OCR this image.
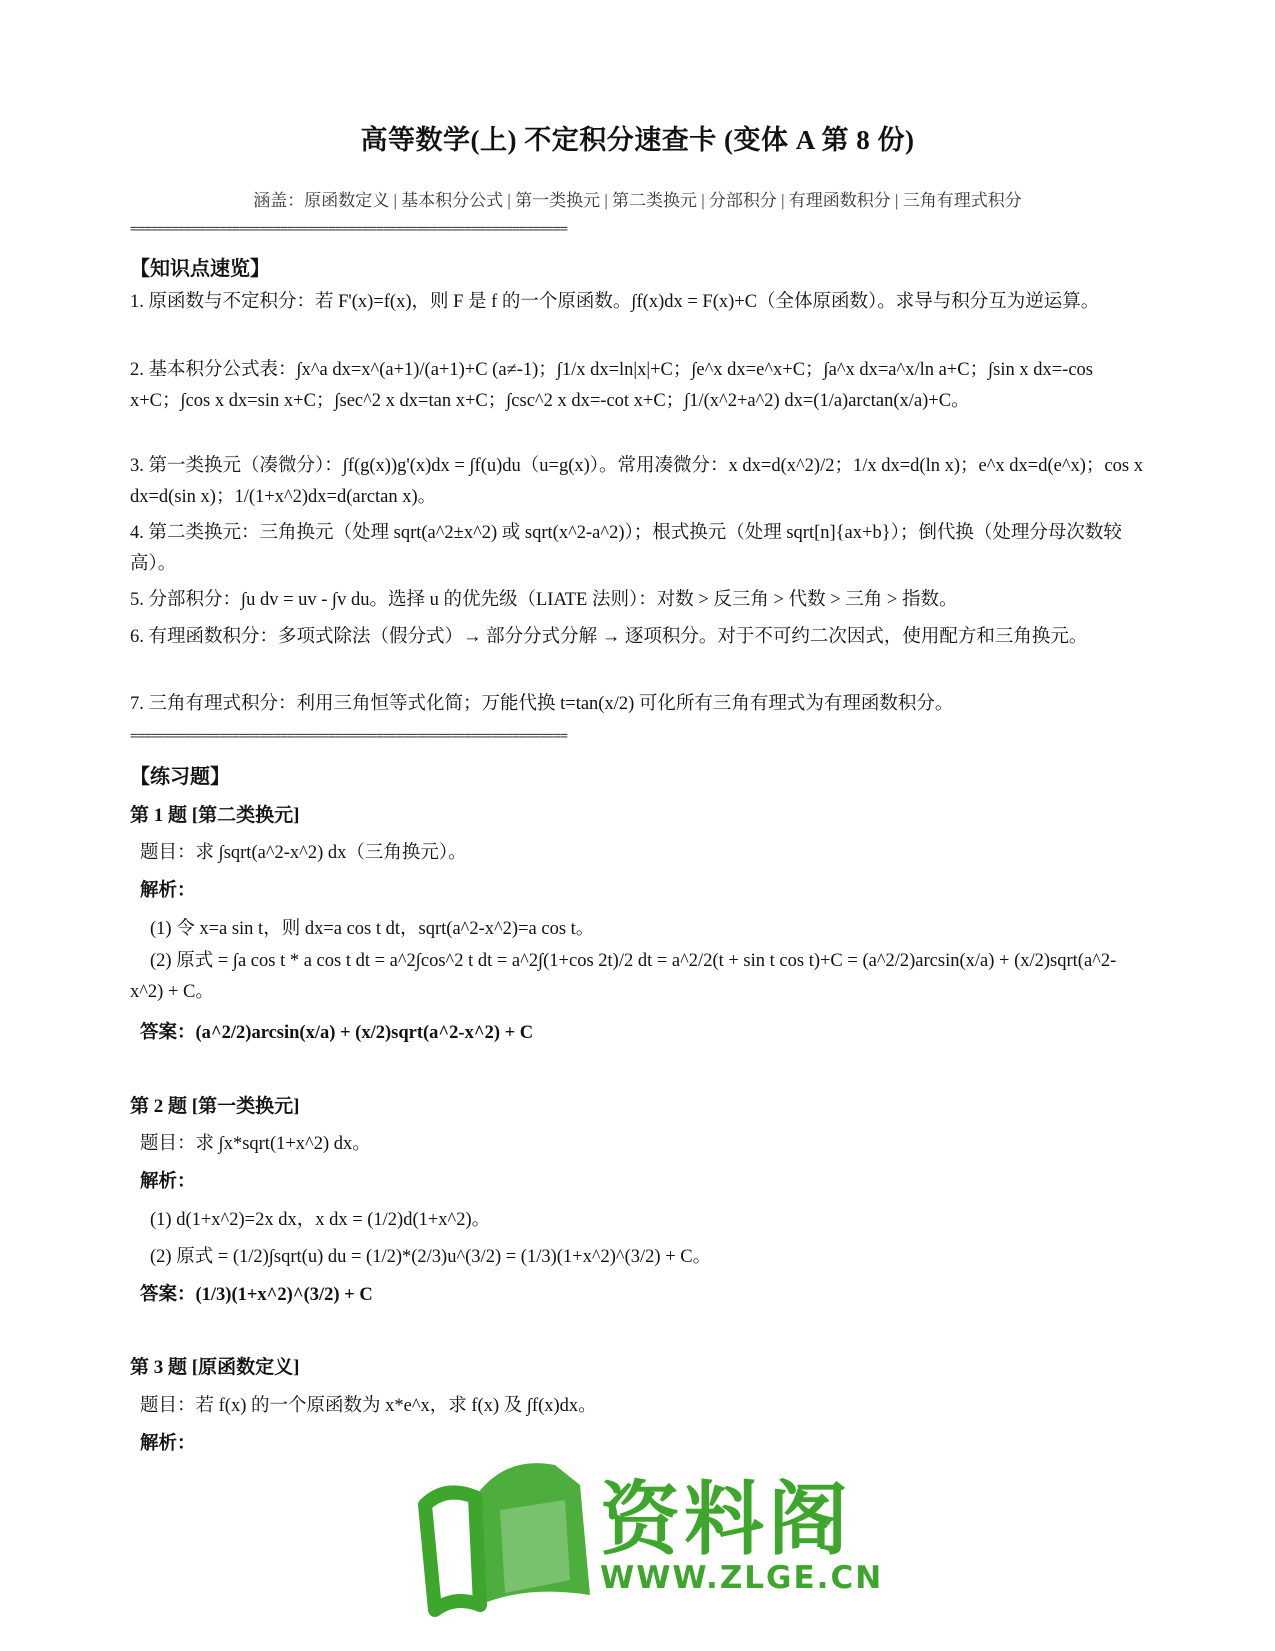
高等数学(上) 不定积分速查卡 (变体 A 第 8 份)
涵盖：原函数定义 | 基本积分公式 | 第一类换元 | 第二类换元 | 分部积分 | 有理函数积分 | 三角有理式积分
================================================================
【知识点速览】
1. 原函数与不定积分：若 F'(x)=f(x)，则 F 是 f 的一个原函数。∫f(x)dx = F(x)+C（全体原函数）。求导与积分互为逆运算。
2. 基本积分公式表：∫x^a dx=x^(a+1)/(a+1)+C (a≠-1)；∫1/x dx=ln|x|+C；∫e^x dx=e^x+C；∫a^x dx=a^x/ln a+C；∫sin x dx=-cos x+C；∫cos x dx=sin x+C；∫sec^2 x dx=tan x+C；∫csc^2 x dx=-cot x+C；∫1/(x^2+a^2) dx=(1/a)arctan(x/a)+C。
3. 第一类换元（凑微分）：∫f(g(x))g'(x)dx = ∫f(u)du（u=g(x)）。常用凑微分：x dx=d(x^2)/2；1/x dx=d(ln x)；e^x dx=d(e^x)；cos x dx=d(sin x)；1/(1+x^2)dx=d(arctan x)。
4. 第二类换元：三角换元（处理 sqrt(a^2±x^2) 或 sqrt(x^2-a^2)）；根式换元（处理 sqrt[n]{ax+b}）；倒代换（处理分母次数较高）。
5. 分部积分：∫u dv = uv - ∫v du。选择 u 的优先级（LIATE 法则）：对数 > 反三角 > 代数 > 三角 > 指数。
6. 有理函数积分：多项式除法（假分式）→ 部分分式分解 → 逐项积分。对于不可约二次因式，使用配方和三角换元。
7. 三角有理式积分：利用三角恒等式化简；万能代换 t=tan(x/2) 可化所有三角有理式为有理函数积分。
================================================================
【练习题】
第 1 题 [第二类换元]
题目：求 ∫sqrt(a^2-x^2) dx（三角换元）。
解析：
(1) 令 x=a sin t，则 dx=a cos t dt，sqrt(a^2-x^2)=a cos t。
(2) 原式 = ∫a cos t * a cos t dt = a^2∫cos^2 t dt = a^2∫(1+cos 2t)/2 dt = a^2/2(t + sin t cos t)+C = (a^2/2)arcsin(x/a) + (x/2)sqrt(a^2-x^2) + C。
答案：(a^2/2)arcsin(x/a) + (x/2)sqrt(a^2-x^2) + C
第 2 题 [第一类换元]
题目：求 ∫x*sqrt(1+x^2) dx。
解析：
(1) d(1+x^2)=2x dx，x dx = (1/2)d(1+x^2)。
(2) 原式 = (1/2)∫sqrt(u) du = (1/2)*(2/3)u^(3/2) = (1/3)(1+x^2)^(3/2) + C。
答案：(1/3)(1+x^2)^(3/2) + C
第 3 题 [原函数定义]
题目：若 f(x) 的一个原函数为 x*e^x，求 f(x) 及 ∫f(x)dx。
解析：
资料阁
WWW.ZLGE.CN
